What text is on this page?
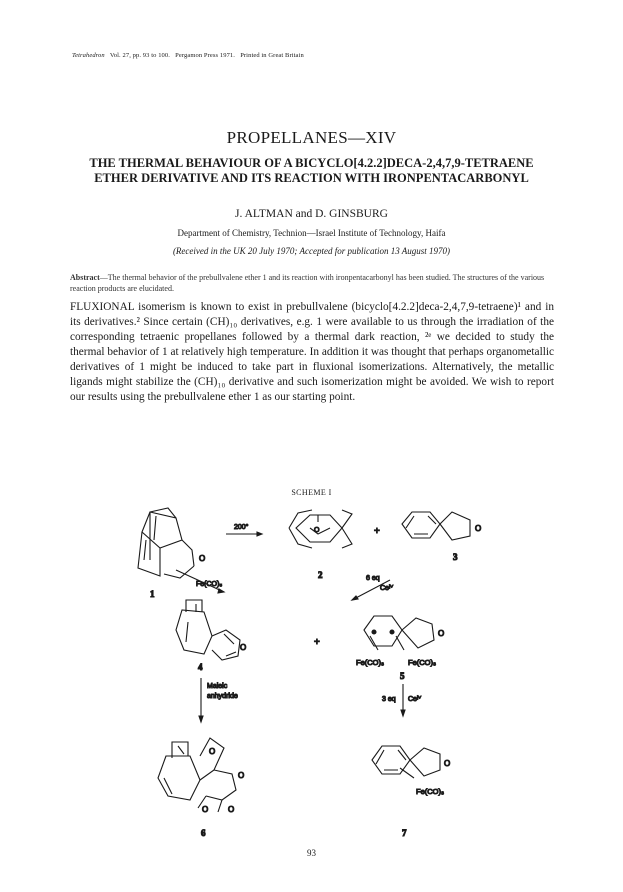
Tetrahedron Vol. 27, pp. 93 to 100. Pergamon Press 1971. Printed in Great Britain
PROPELLANES—XIV
THE THERMAL BEHAVIOUR OF A BICYCLO[4.2.2]DECA-2,4,7,9-TETRAENE ETHER DERIVATIVE AND ITS REACTION WITH IRONPENTACARBONYL
J. ALTMAN and D. GINSBURG
Department of Chemistry, Technion—Israel Institute of Technology, Haifa
(Received in the UK 20 July 1970; Accepted for publication 13 August 1970)
Abstract—The thermal behavior of the prebullvalene ether 1 and its reaction with ironpentacarbonyl has been studied. The structures of the various reaction products are elucidated.
FLUXIONAL isomerism is known to exist in prebullvalene (bicyclo[4.2.2]deca-2,4,7,9-tetraene)¹ and in its derivatives.² Since certain (CH)₁₀ derivatives, e.g. 1 were available to us through the irradiation of the corresponding tetraenic propellanes followed by a thermal dark reaction, ²ᵉ we decided to study the thermal behavior of 1 at relatively high temperature. In addition it was thought that perhaps organometallic derivatives of 1 might be induced to take part in fluxional isomerizations. Alternatively, the metallic ligands might stabilize the (CH)₁₀ derivative and such isomerization might be avoided. We wish to report our results using the prebullvalene ether 1 as our starting point.
SCHEME I
1
O
200°	O
2
+	O
3
Fe(CO)₅
6 eq
Ceᴵⱽ
O
4
+
O
Fe(CO)₃	Fe(CO)₃
5
Maleic
anhydride	3 eq Ceᴵⱽ
O
O
O O
6
O
Fe(CO)₃
7
93
